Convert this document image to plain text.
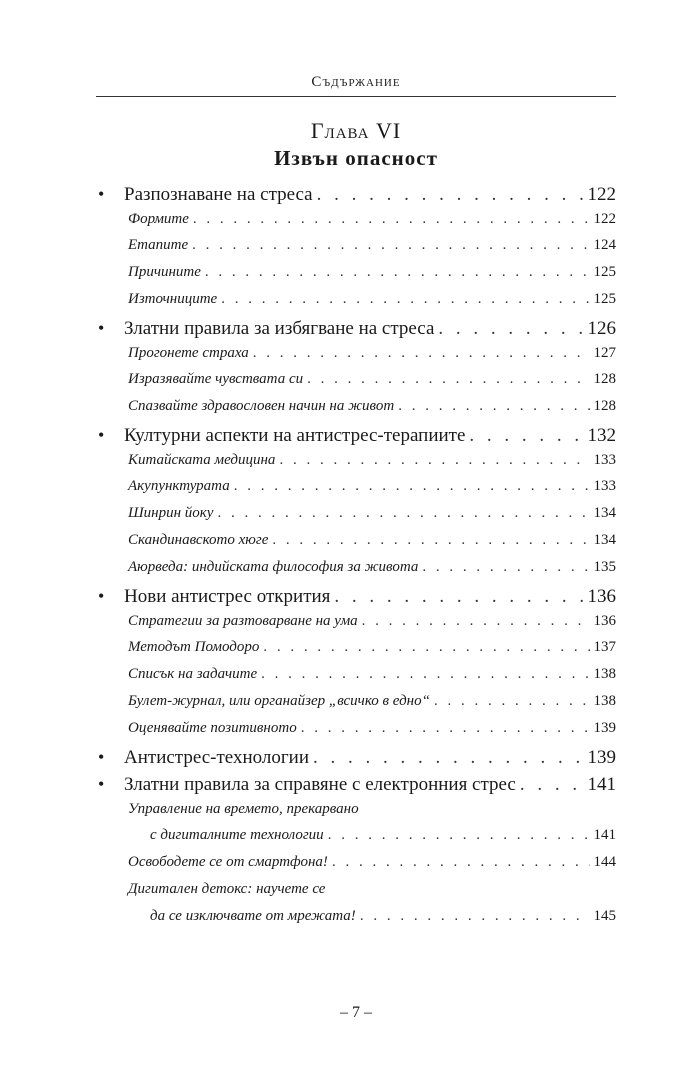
Съдържание
Глава VI
Извън опасност
• Разпознаване на стреса . . .	122
Формите . . .	122
Етапите . . .	124
Причините . . .	125
Източниците . . .	125
• Златни правила за избягване на стреса . . .	126
Прогонете страха . . .	127
Изразявайте чувствата си . . .	128
Спазвайте здравословен начин на живот . . .	128
• Културни аспекти на антистрес-терапиите . . .	132
Китайската медицина . . .	133
Акупунктурата . . .	133
Шинрин йоку . . .	134
Скандинавското хюге . . .	134
Аюрведа: индийската философия за живота . . .	135
• Нови антистрес открития . . .	136
Стратегии за разтоварване на ума . . .	136
Методът Помодоро . . .	137
Списък на задачите . . .	138
Булет-журнал, или органайзер „всичко в едно“ . . .	138
Оценявайте позитивното . . .	139
• Антистрес-технологии . . .	139
• Златни правила за справяне с електронния стрес . . .	141
Управление на времето, прекарвано
с дигиталните технологии . . .	141
Освободете се от смартфона! . . .	144
Дигитален детокс: научете се
да се изключвате от мрежата! . . .	145
– 7 –
